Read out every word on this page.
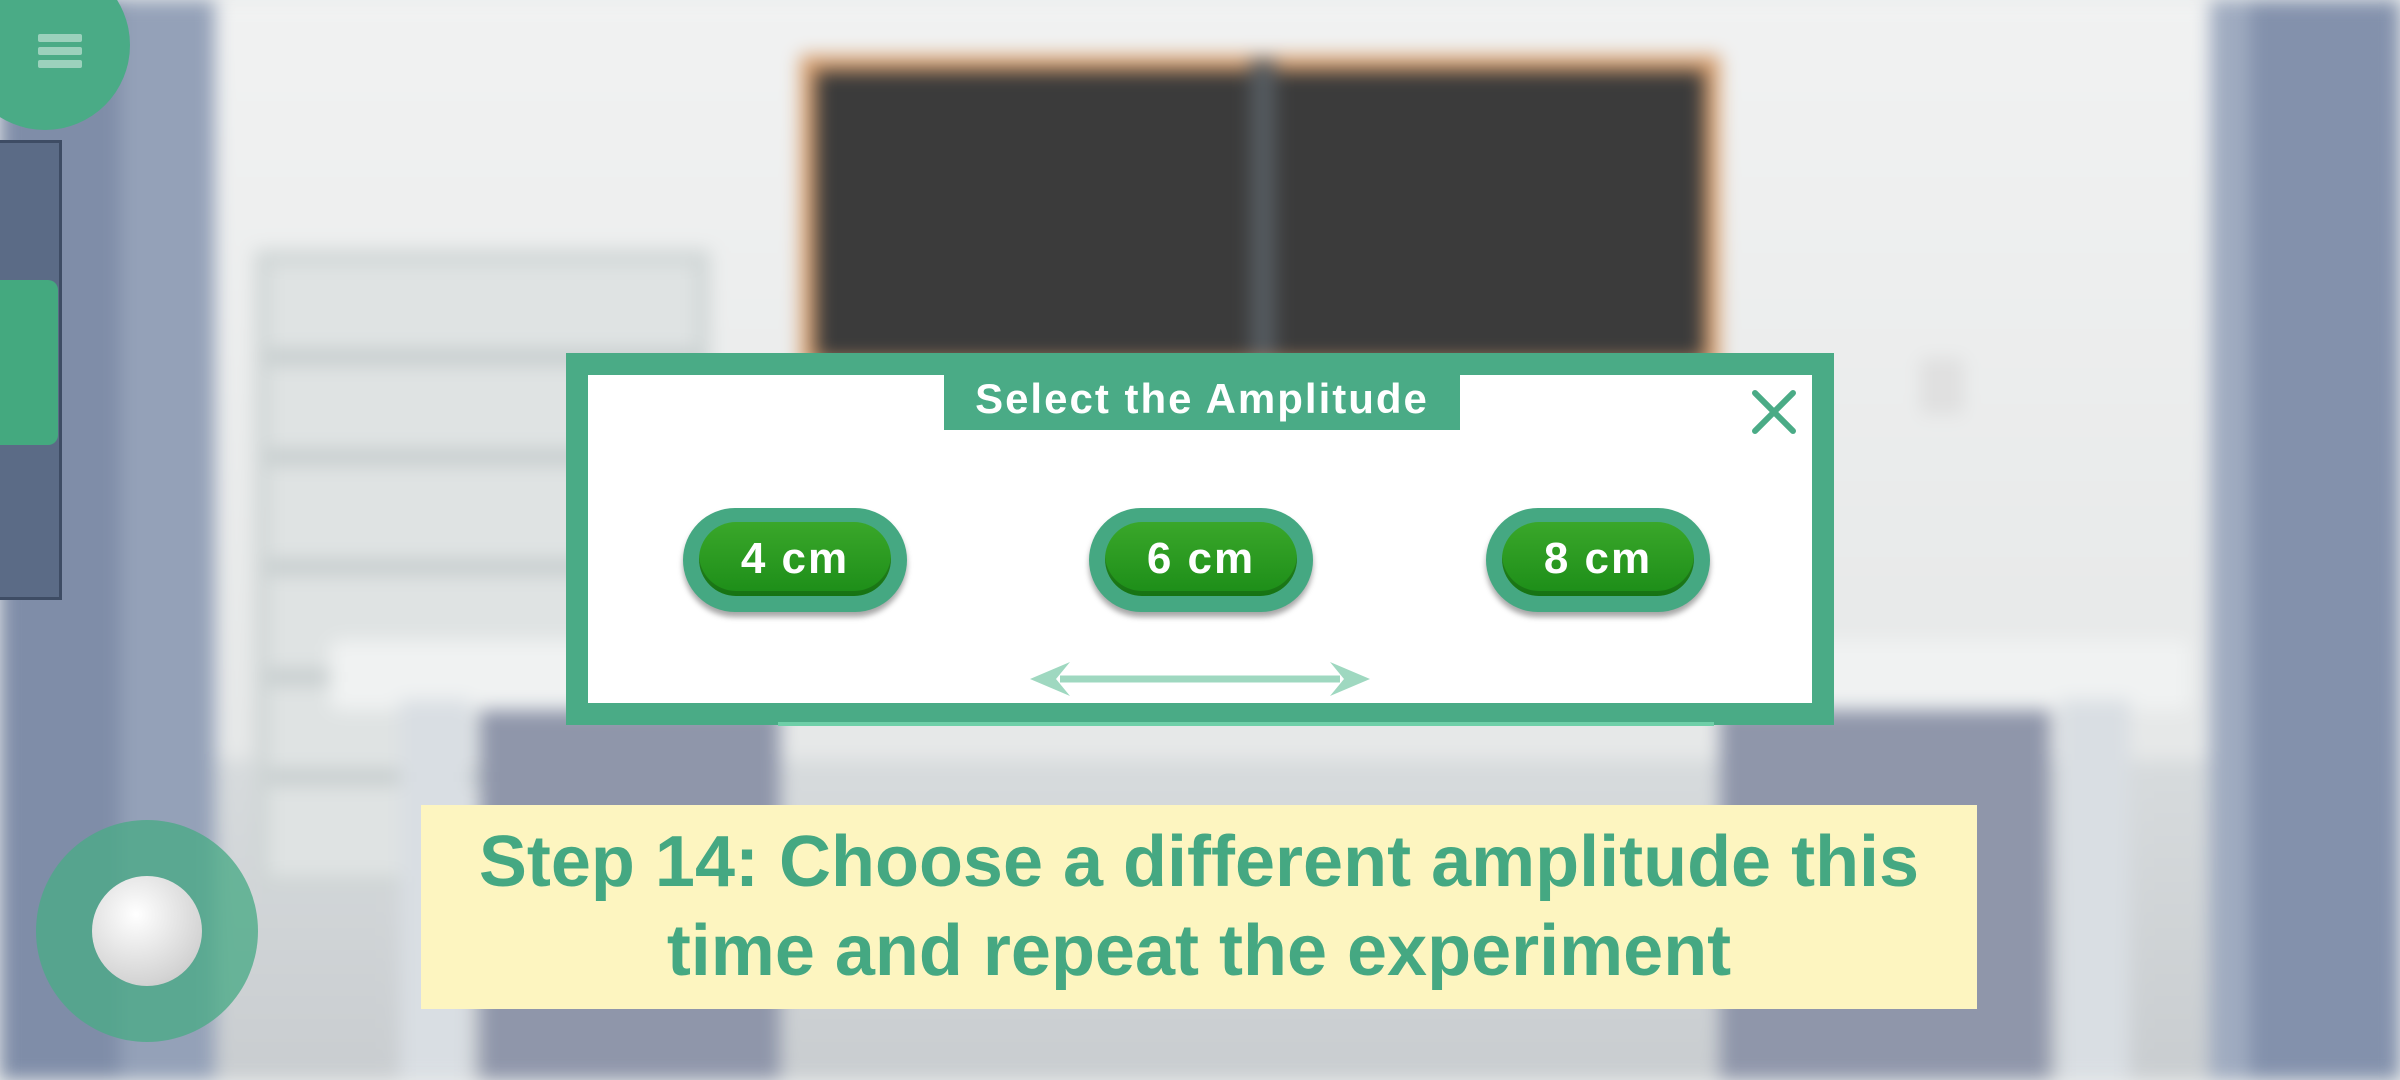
Select the Amplitude
4 cm	6 cm	8 cm
Step 14: Choose a different amplitude this time and repeat the experiment
